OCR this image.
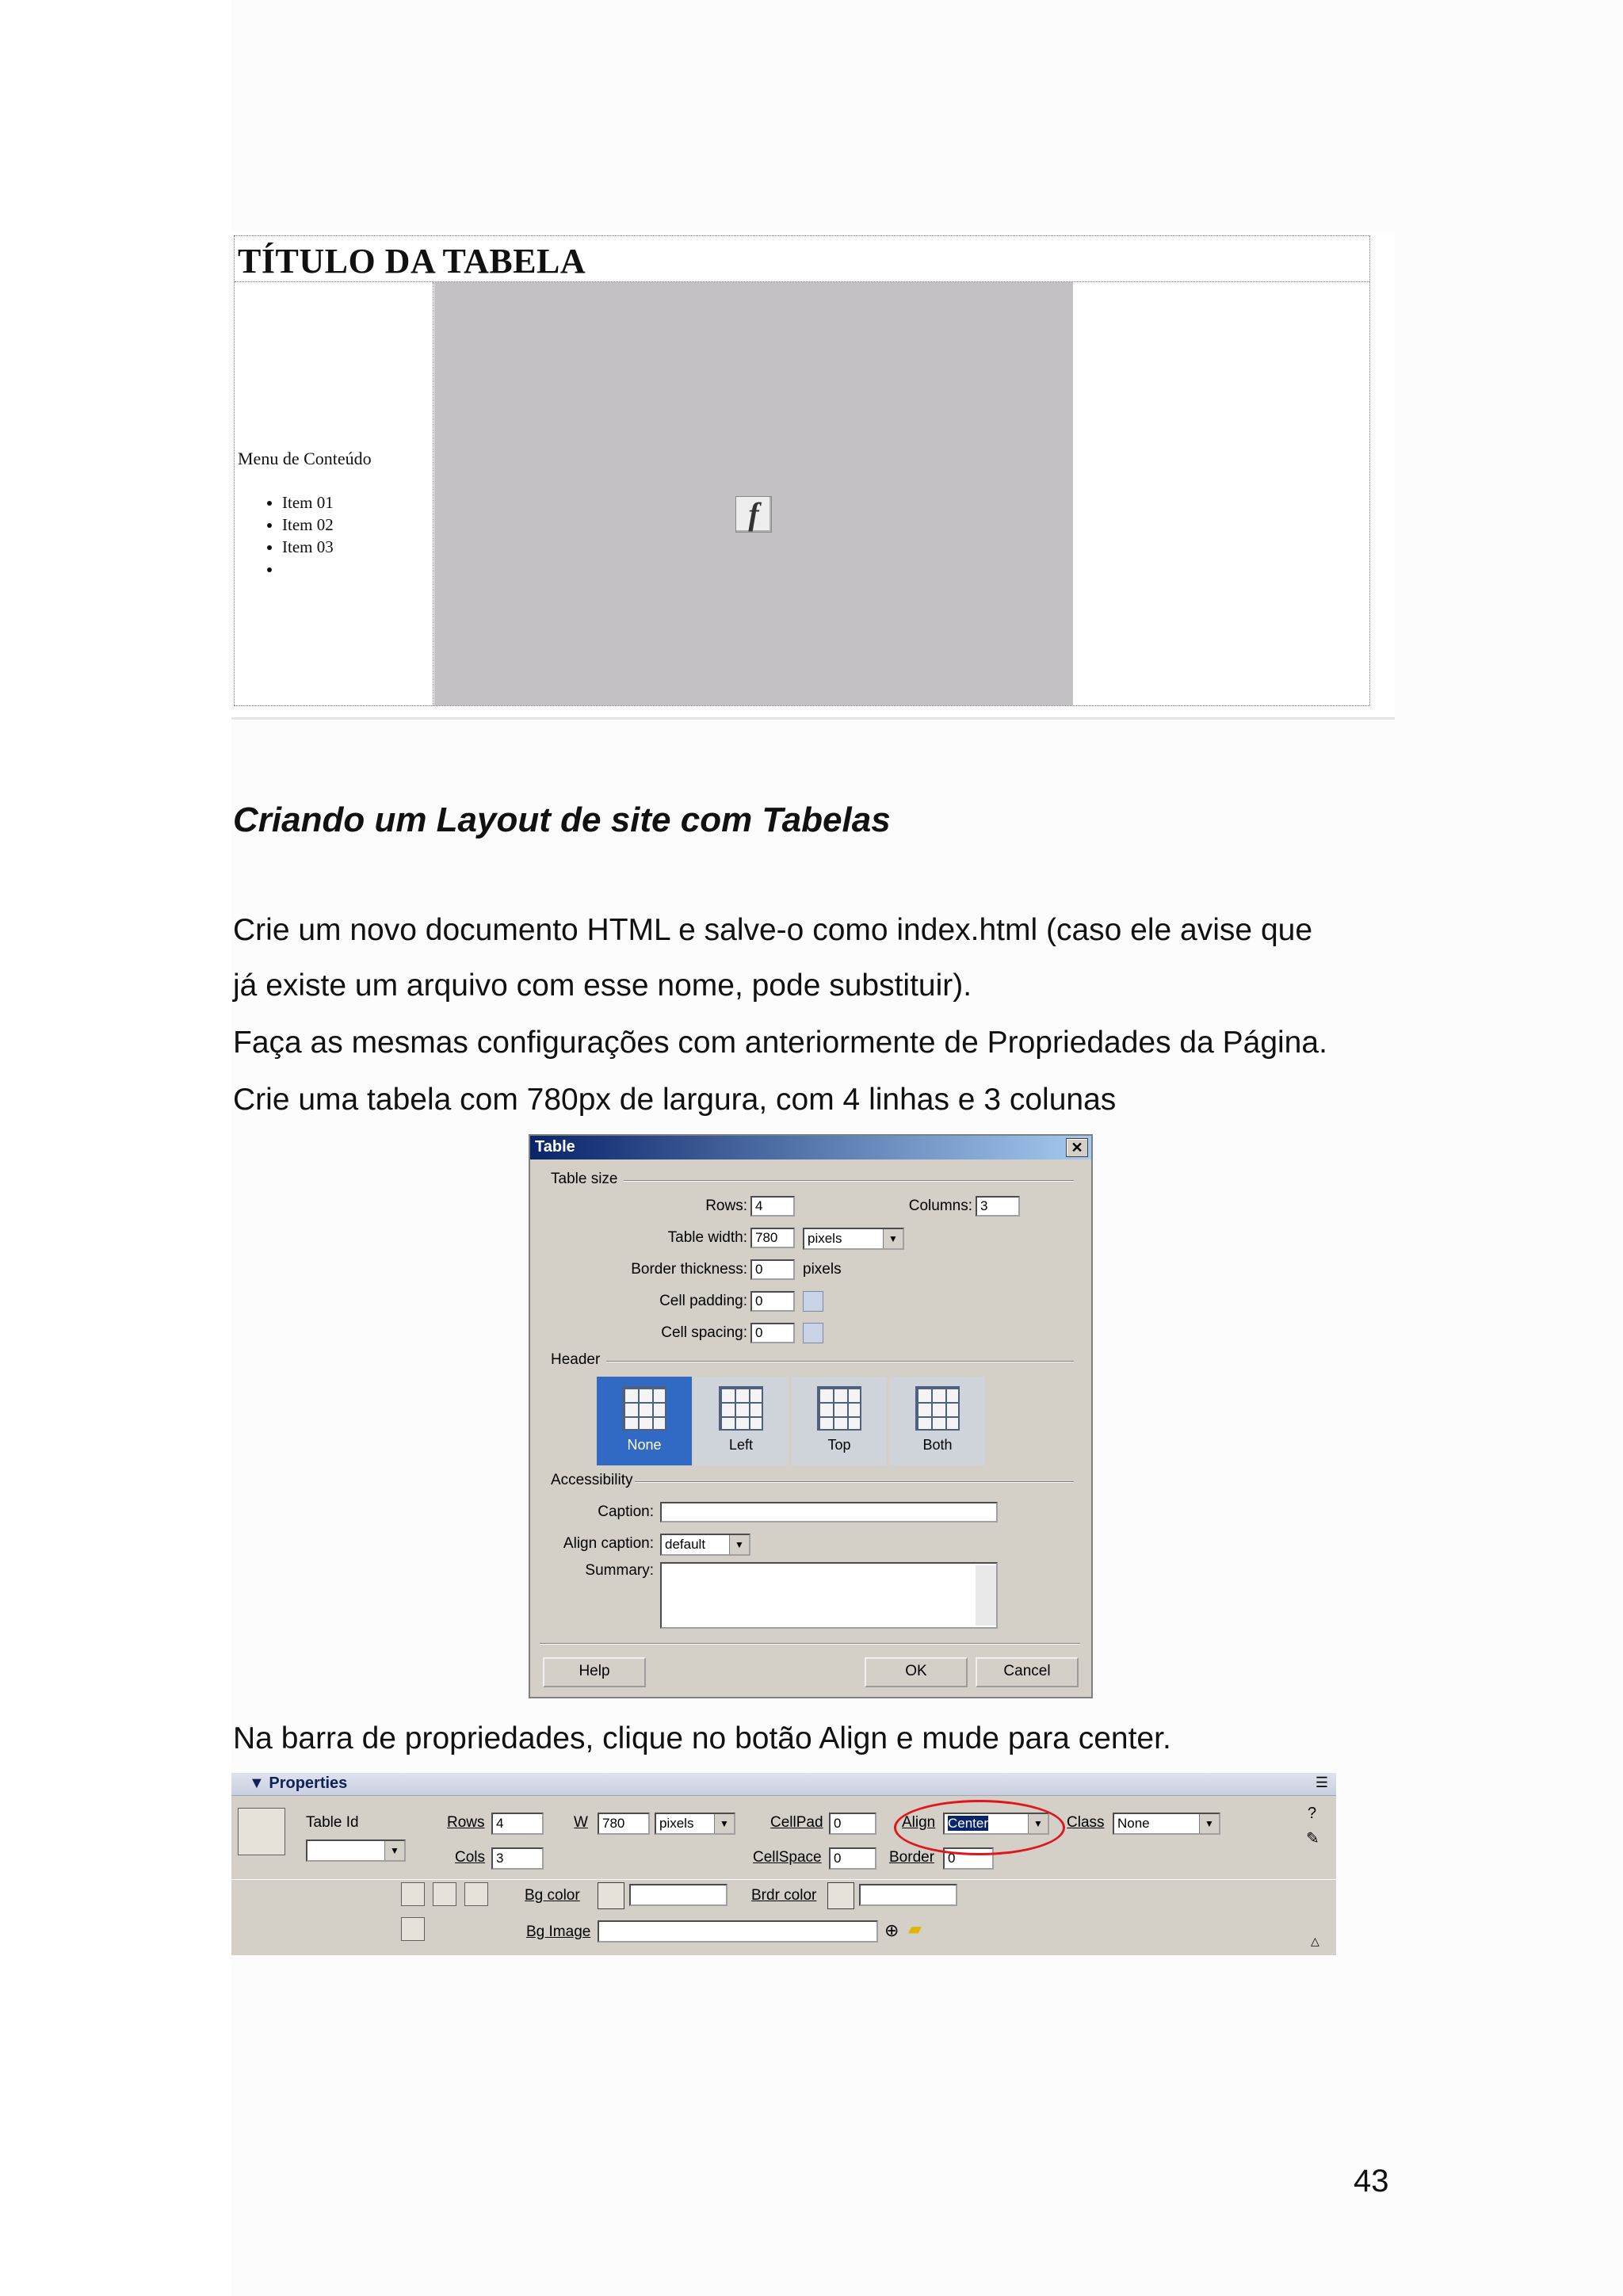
TÍTULO DA TABELA
Menu de Conteúdo
• Item 01
• Item 02
• Item 03
•
f
Criando um Layout de site com Tabelas
Crie um novo documento HTML e salve-o como index.html (caso ele avise que
já existe um arquivo com esse nome, pode substituir).
Faça as mesmas configurações com anteriormente de Propriedades da Página.
Crie uma tabela com 780px de largura, com 4 linhas e 3 colunas
Table	✕
Table size
Rows: 4	Columns: 3
Table width: 780	pixels	▼
Border thickness: 0	pixels
Cell padding: 0
Cell spacing: 0
Header
None	Left	Top	Both
Accessibility
Caption:
Align caption: default	▼
Summary:
Help	OK	Cancel
Na barra de propriedades, clique no botão Align e mude para center.
▼ Properties	☰
Table Id
▼
Rows 4
Cols 3
W	780	pixels	▼	CellPad 0
CellSpace 0
Align Center	▼
Border 0
Class None	▼
?
✎
Bg color	Brdr color
Bg Image	⊕ ▰
△
43
